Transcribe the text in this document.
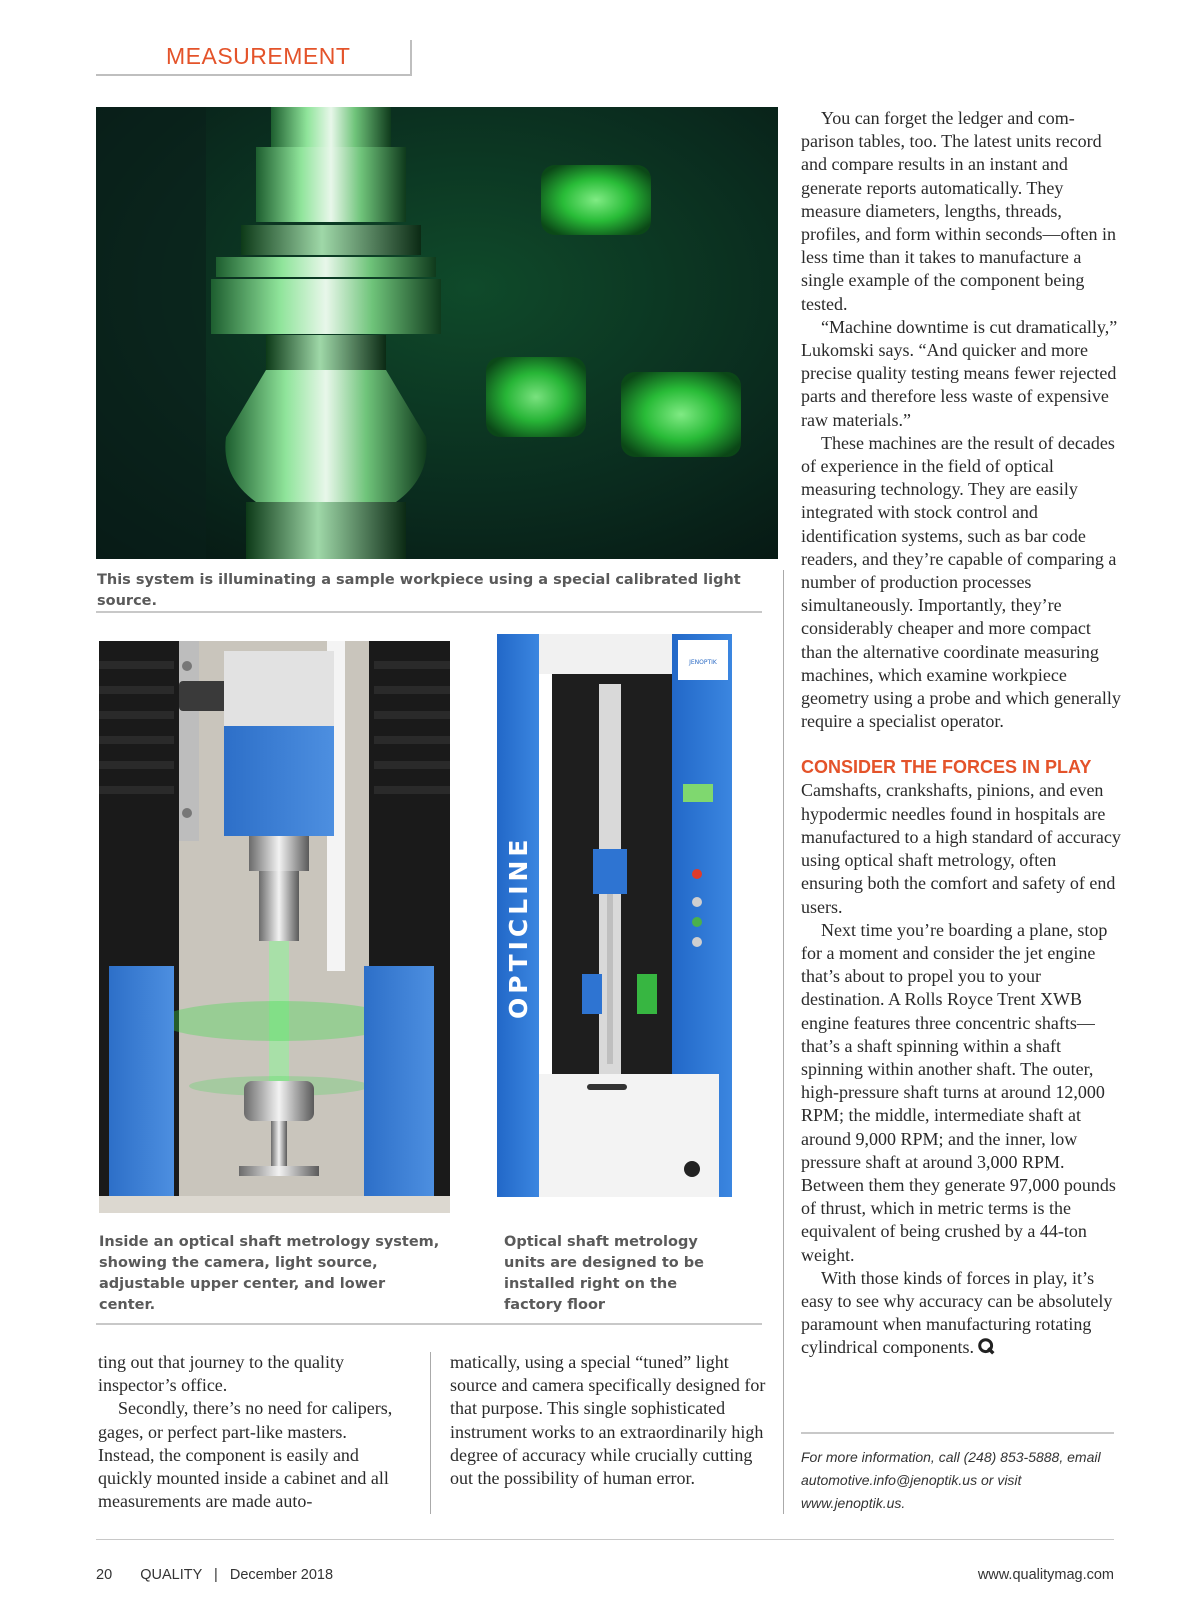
MEASUREMENT
This system is illuminating a sample workpiece using a special calibrated light source.
OPTICLINE
JENOPTIK
Inside an optical shaft metrology system, showing the camera, light source, adjustable upper center, and lower center.
Optical shaft metrology units are designed to be installed right on the factory floor

ting out that journey to the quality inspector’s office.

Secondly, there’s no need for calipers, gages, or perfect part-like masters. Instead, the component is easily and quickly mounted inside a cabinet and all measurements are made auto-

matically, using a special “tuned” light source and camera specifically designed for that purpose. This single sophisticated instrument works to an extraordinarily high degree of accuracy while crucially cutting out the possibility of human error.

You can forget the ledger and comparison tables, too. The latest units record and compare results in an instant and generate reports automatically. They measure diameters, lengths, threads, profiles, and form within seconds—often in less time than it takes to manufacture a single example of the component being tested.

“Machine downtime is cut dramatically,” Lukomski says. “And quicker and more precise quality testing means fewer rejected parts and therefore less waste of expensive raw materials.”

These machines are the result of decades of experience in the field of optical measuring technology. They are easily integrated with stock control and identification systems, such as bar code readers, and they’re capable of comparing a number of production processes simultaneously. Importantly, they’re considerably cheaper and more compact than the alternative coordinate measuring machines, which examine workpiece geometry using a probe and which generally require a specialist operator.

CONSIDER THE FORCES IN PLAY

Camshafts, crankshafts, pinions, and even hypodermic needles found in hospitals are manufactured to a high standard of accuracy using optical shaft metrology, often ensuring both the comfort and safety of end users.

Next time you’re boarding a plane, stop for a moment and consider the jet engine that’s about to propel you to your destination. A Rolls Royce Trent XWB engine features three concentric shafts—that’s a shaft spinning within a shaft spinning within another shaft. The outer, high-pressure shaft turns at around 12,000 RPM; the middle, intermediate shaft at around 9,000 RPM; and the inner, low pressure shaft at around 3,000 RPM. Between them they generate 97,000 pounds of thrust, which in metric terms is the equivalent of being crushed by a 44-ton weight.

With those kinds of forces in play, it’s easy to see why accuracy can be absolutely paramount when manufacturing rotating cylindrical components.

For more information, call (248) 853-5888, email automotive.info@jenoptik.us or visit www.jenoptik.us.
20 QUALITY | December 2018	www.qualitymag.com
